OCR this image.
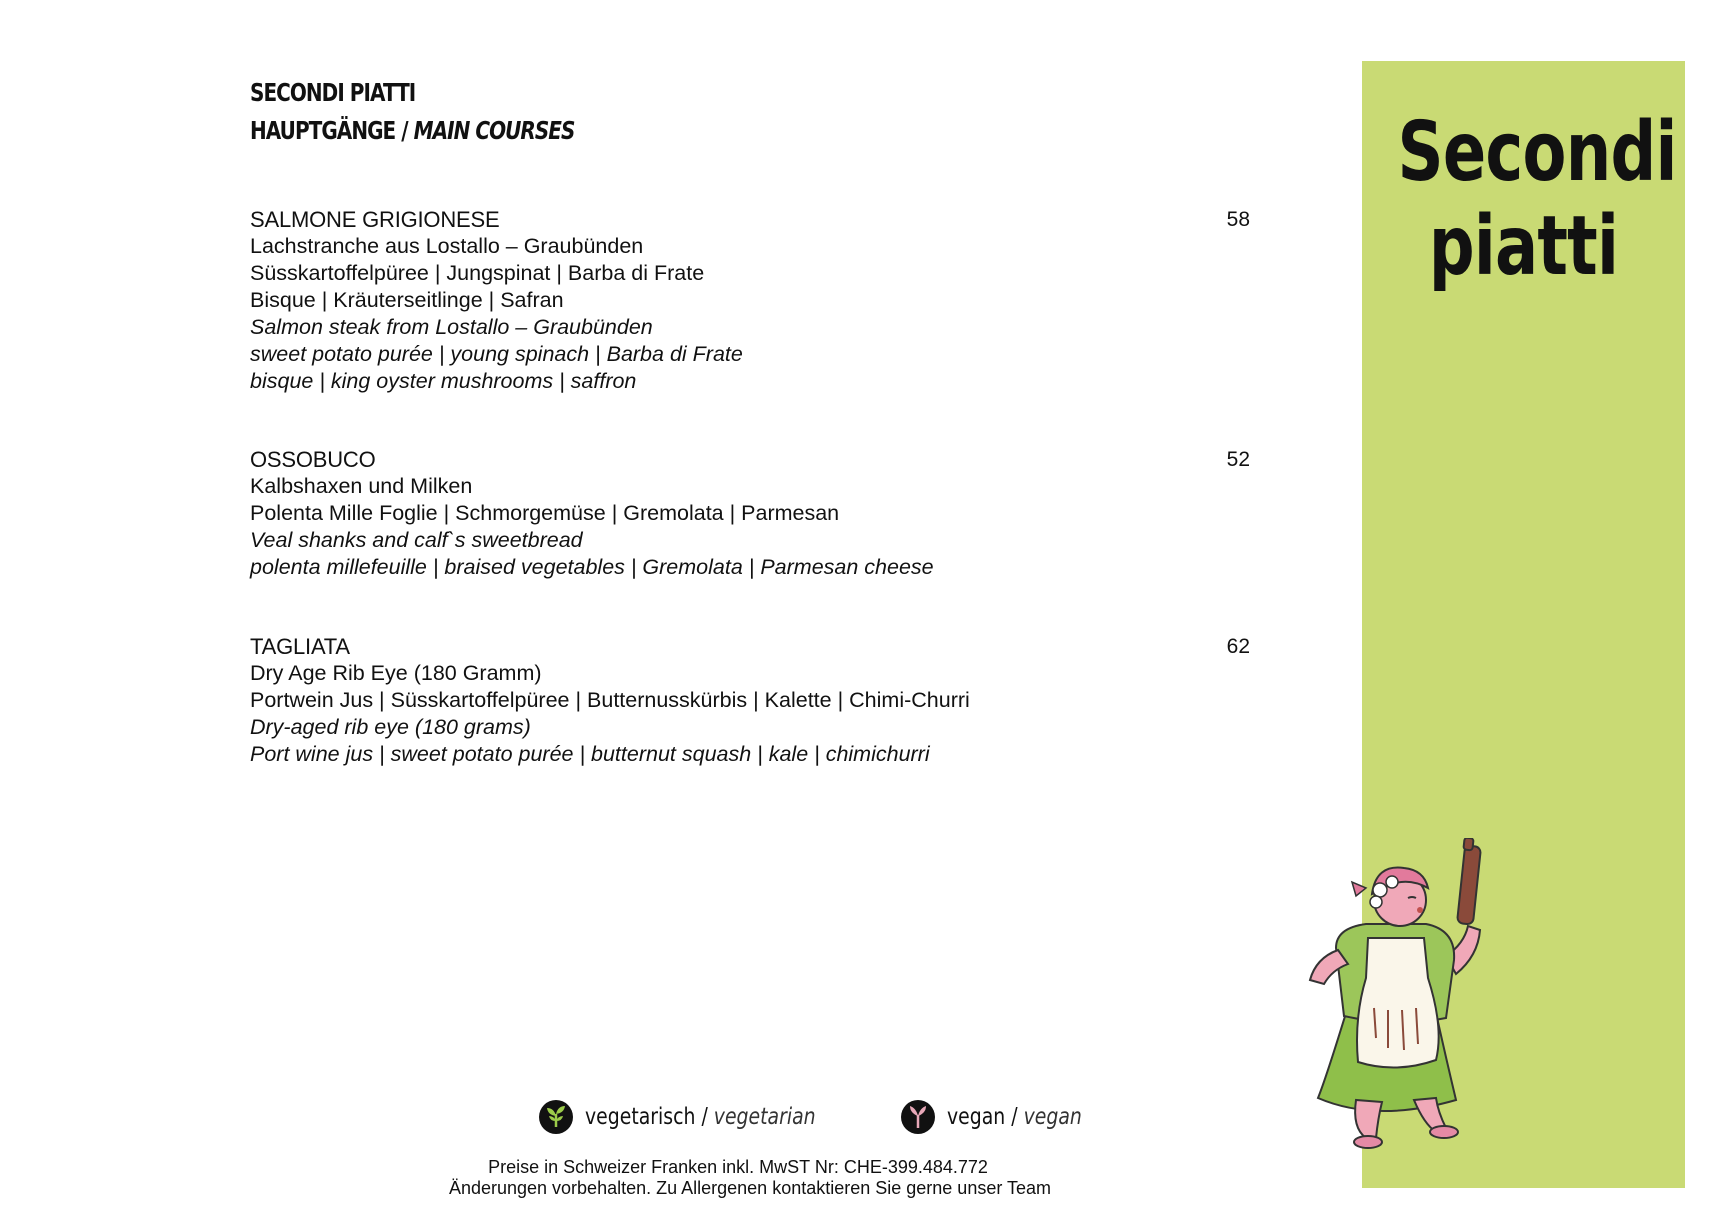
SECONDI PIATTI
HAUPTGÄNGE / MAIN COURSES
SALMONE GRIGIONESE	58
Lachstranche aus Lostallo – Graubünden
Süsskartoffelpüree | Jungspinat | Barba di Frate
Bisque | Kräuterseitlinge | Safran
Salmon steak from Lostallo – Graubünden
sweet potato purée | young spinach | Barba di Frate
bisque | king oyster mushrooms | saffron
OSSOBUCO	52
Kalbshaxen und Milken
Polenta Mille Foglie | Schmorgemüse | Gremolata | Parmesan
Veal shanks and calf`s sweetbread
polenta millefeuille | braised vegetables | Gremolata | Parmesan cheese
TAGLIATA	62
Dry Age Rib Eye (180 Gramm)
Portwein Jus | Süsskartoffelpüree | Butternusskürbis | Kalette | Chimi-Churri
Dry-aged rib eye (180 grams)
Port wine jus | sweet potato purée | butternut squash | kale | chimichurri
Secondi
piatti
vegetarisch / vegetarian	vegan / vegan
Preise in Schweizer Franken inkl. MwST Nr: CHE-399.484.772
Änderungen vorbehalten. Zu Allergenen kontaktieren Sie gerne unser Team
